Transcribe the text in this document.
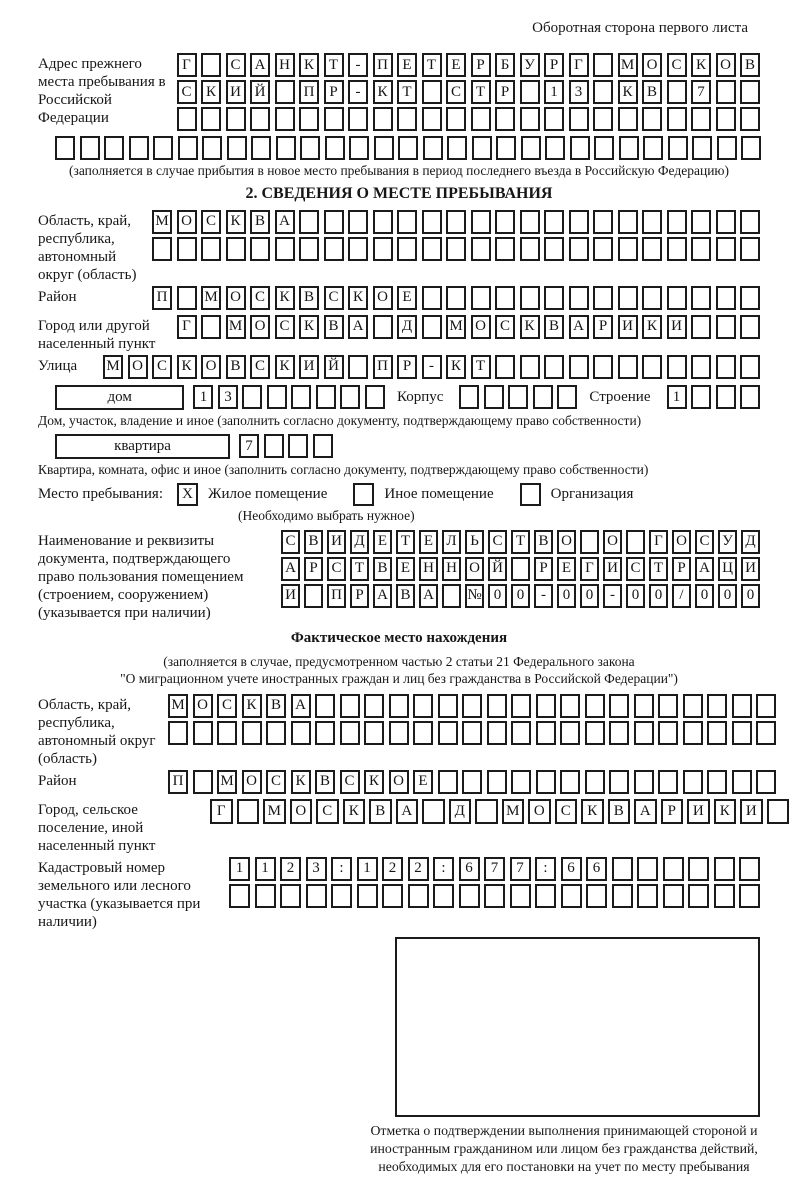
Оборотная сторона первого листа
Адрес прежнего места пребывания в Российской Федерации
Г	С А Н К Т	-	П Е	Т	Е	Р	Б У	Р	Г	М О С К О В
С К И Й	П Р	-	К Т	С Т	Р	1	3	К В	7
(заполняется в случае прибытия в новое место пребывания в период последнего въезда в Российскую Федерацию)
2. СВЕДЕНИЯ О МЕСТЕ ПРЕБЫВАНИЯ
Область, край, республика, автономный округ (область)
М О С К В А
Район	П	М О С К В С К О Е
Город или другой населенный пункт
Г	М О С К В А	Д	М О С К В А Р И К И
Улица	М О С К О В С К И Й	П Р	-	К Т
дом	1	3	Корпус	Строение	1
Дом, участок, владение и иное (заполнить согласно документу, подтверждающему право собственности)
квартира	7
Квартира, комната, офис и иное (заполнить согласно документу, подтверждающему право собственности)
Место пребывания:	X	Жилое помещение	Иное помещение	Организация
(Необходимо выбрать нужное)
Наименование и реквизиты документа, подтверждающего право пользования помещением (строением, сооружением) (указывается при наличии)
С В И Д Е Т Е Л Ь С Т В О О	Г О С У Д
А Р С Т В Е Н Н О Й	Р Е Г И С Т Р А Ц И
И П Р А В А № 0	0	-	0	0	-	0	0	/	0	0	0
Фактическое место нахождения
(заполняется в случае, предусмотренном частью 2 статьи 21 Федерального закона
"О миграционном учете иностранных граждан и лиц без гражданства в Российской Федерации")
Область, край, республика, автономный округ (область)
М О С К В А
Район	П	М О С К В С К О Е
Город, сельское поселение, иной населенный пункт
Г	М О	С	К	В	А	Д	М О	С	К	В	А	Р	И	К	И
Кадастровый номер земельного или лесного участка (указывается при наличии)
1	1	2	3	:	1	2	2	:	6	7	7	:	6	6
Отметка о подтверждении выполнения принимающей стороной и иностранным гражданином или лицом без гражданства действий, необходимых для его постановки на учет по месту пребывания
